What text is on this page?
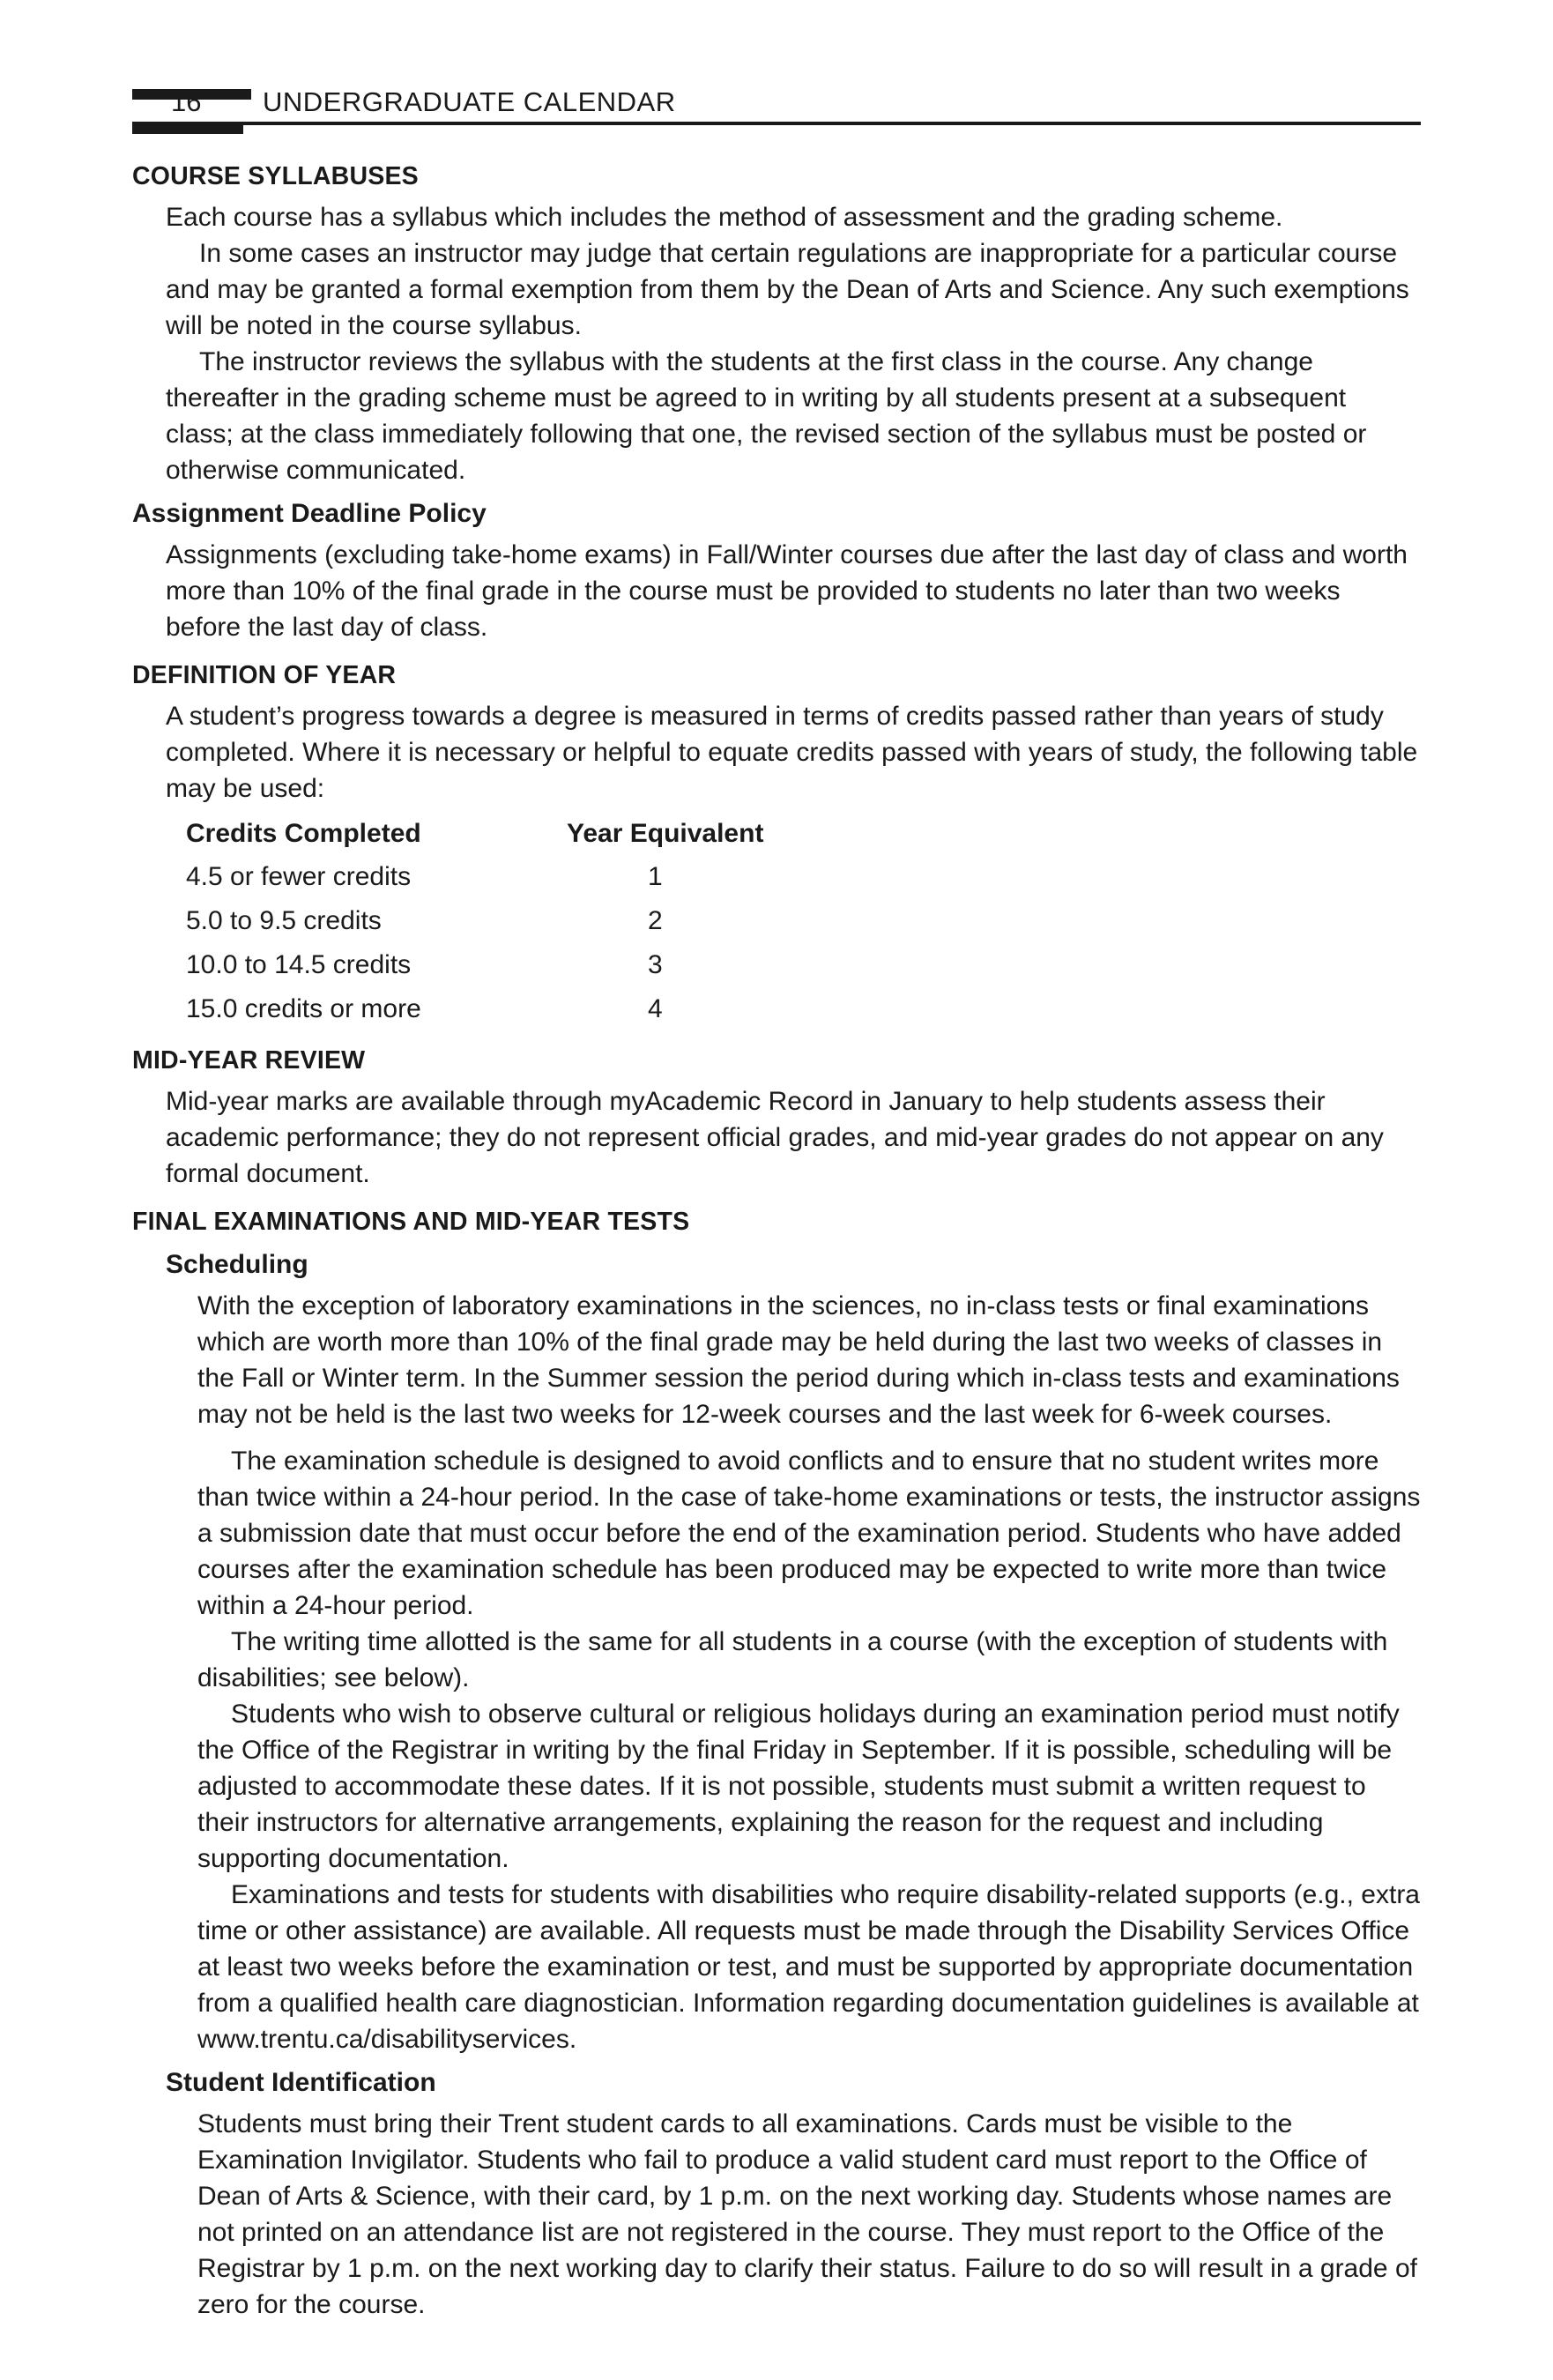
16 UNDERGRADUATE CALENDAR
COURSE SYLLABUSES

Each course has a syllabus which includes the method of assessment and the grading scheme.

In some cases an instructor may judge that certain regulations are inappropriate for a particular course and may be granted a formal exemption from them by the Dean of Arts and Science. Any such exemptions will be noted in the course syllabus.

The instructor reviews the syllabus with the students at the first class in the course. Any change thereafter in the grading scheme must be agreed to in writing by all students present at a subsequent class; at the class immediately following that one, the revised section of the syllabus must be posted or otherwise communicated.

Assignment Deadline Policy

Assignments (excluding take-home exams) in Fall/Winter courses due after the last day of class and worth more than 10% of the final grade in the course must be provided to students no later than two weeks before the last day of class.

DEFINITION OF YEAR

A student’s progress towards a degree is measured in terms of credits passed rather than years of study completed. Where it is necessary or helpful to equate credits passed with years of study, the following table may be used:

Credits Completed	Year Equivalent
4.5 or fewer credits	1
5.0 to 9.5 credits	2
10.0 to 14.5 credits	3
15.0 credits or more	4
MID-YEAR REVIEW

Mid-year marks are available through myAcademic Record in January to help students assess their academic performance; they do not represent official grades, and mid-year grades do not appear on any formal document.

FINAL EXAMINATIONS AND MID-YEAR TESTS
Scheduling

With the exception of laboratory examinations in the sciences, no in-class tests or final examinations which are worth more than 10% of the final grade may be held during the last two weeks of classes in the Fall or Winter term. In the Summer session the period during which in-class tests and examinations may not be held is the last two weeks for 12-week courses and the last week for 6-week courses.

The examination schedule is designed to avoid conflicts and to ensure that no student writes more than twice within a 24-hour period. In the case of take-home examinations or tests, the instructor assigns a submission date that must occur before the end of the examination period. Students who have added courses after the examination schedule has been produced may be expected to write more than twice within a 24-hour period.

The writing time allotted is the same for all students in a course (with the exception of students with disabilities; see below).

Students who wish to observe cultural or religious holidays during an examination period must notify the Office of the Registrar in writing by the final Friday in September. If it is possible, scheduling will be adjusted to accommodate these dates. If it is not possible, students must submit a written request to their instructors for alternative arrangements, explaining the reason for the request and including supporting documentation.

Examinations and tests for students with disabilities who require disability-related supports (e.g., extra time or other assistance) are available. All requests must be made through the Disability Services Office at least two weeks before the examination or test, and must be supported by appropriate documentation from a qualified health care diagnostician. Information regarding documentation guidelines is available at www.trentu.ca/disabilityservices.

Student Identification

Students must bring their Trent student cards to all examinations. Cards must be visible to the Examination Invigilator. Students who fail to produce a valid student card must report to the Office of Dean of Arts & Science, with their card, by 1 p.m. on the next working day. Students whose names are not printed on an attendance list are not registered in the course. They must report to the Office of the Registrar by 1 p.m. on the next working day to clarify their status. Failure to do so will result in a grade of zero for the course.
